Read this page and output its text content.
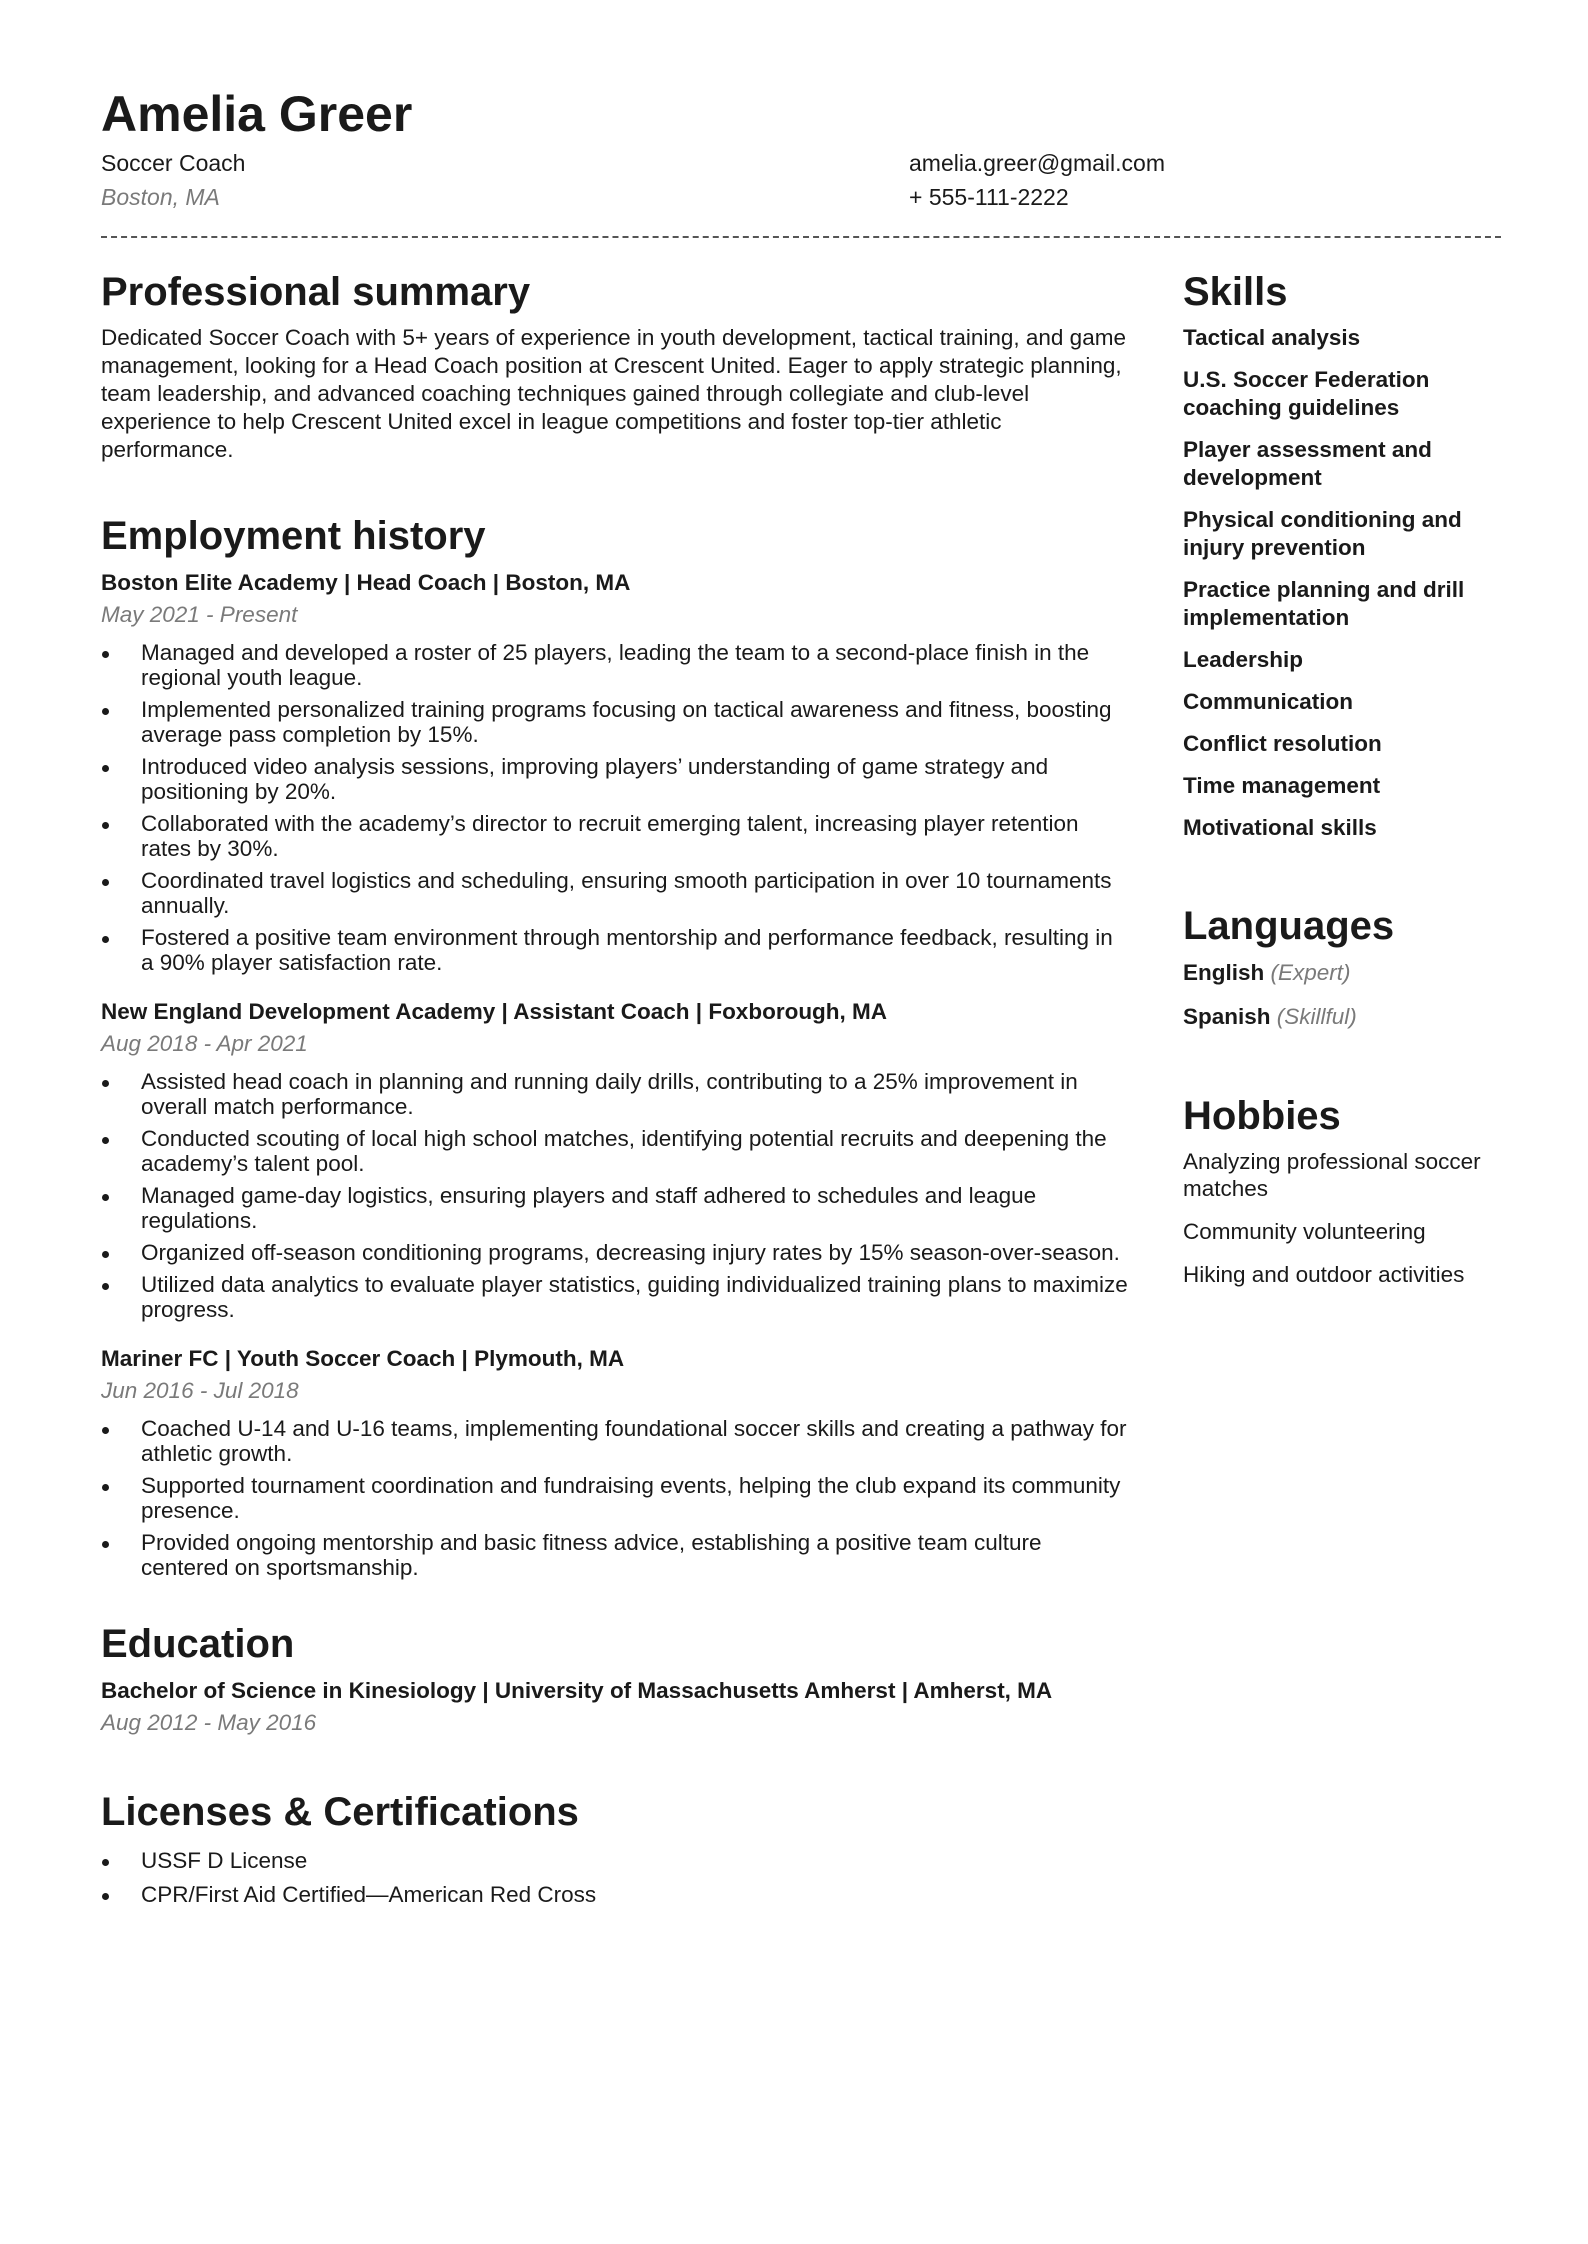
Amelia Greer
Soccer Coach
Boston, MA
amelia.greer@gmail.com
+ 555-111-2222
Professional summary

Dedicated Soccer Coach with 5+ years of experience in youth development, tactical training, and game management, looking for a Head Coach position at Crescent United. Eager to apply strategic planning, team leadership, and advanced coaching techniques gained through collegiate and club-level experience to help Crescent United excel in league competitions and foster top-tier athletic performance.

Employment history
Boston Elite Academy | Head Coach | Boston, MA
May 2021 - Present
Managed and developed a roster of 25 players, leading the team to a second-place finish in the regional youth league.
Implemented personalized training programs focusing on tactical awareness and fitness, boosting average pass completion by 15%.
Introduced video analysis sessions, improving players’ understanding of game strategy and positioning by 20%.
Collaborated with the academy’s director to recruit emerging talent, increasing player retention rates by 30%.
Coordinated travel logistics and scheduling, ensuring smooth participation in over 10 tournaments annually.
Fostered a positive team environment through mentorship and performance feedback, resulting in a 90% player satisfaction rate.
New England Development Academy | Assistant Coach | Foxborough, MA
Aug 2018 - Apr 2021
Assisted head coach in planning and running daily drills, contributing to a 25% improvement in overall match performance.
Conducted scouting of local high school matches, identifying potential recruits and deepening the academy’s talent pool.
Managed game-day logistics, ensuring players and staff adhered to schedules and league regulations.
Organized off-season conditioning programs, decreasing injury rates by 15% season-over-season.
Utilized data analytics to evaluate player statistics, guiding individualized training plans to maximize progress.
Mariner FC | Youth Soccer Coach | Plymouth, MA
Jun 2016 - Jul 2018
Coached U-14 and U-16 teams, implementing foundational soccer skills and creating a pathway for athletic growth.
Supported tournament coordination and fundraising events, helping the club expand its community presence.
Provided ongoing mentorship and basic fitness advice, establishing a positive team culture centered on sportsmanship.
Education
Bachelor of Science in Kinesiology | University of Massachusetts Amherst | Amherst, MA
Aug 2012 - May 2016
Licenses & Certifications
USSF D License
CPR/First Aid Certified—American Red Cross
Skills
Tactical analysis
U.S. Soccer Federation coaching guidelines
Player assessment and development
Physical conditioning and injury prevention
Practice planning and drill implementation
Leadership
Communication
Conflict resolution
Time management
Motivational skills
Languages
English (Expert)
Spanish (Skillful)
Hobbies
Analyzing professional soccer matches
Community volunteering
Hiking and outdoor activities
